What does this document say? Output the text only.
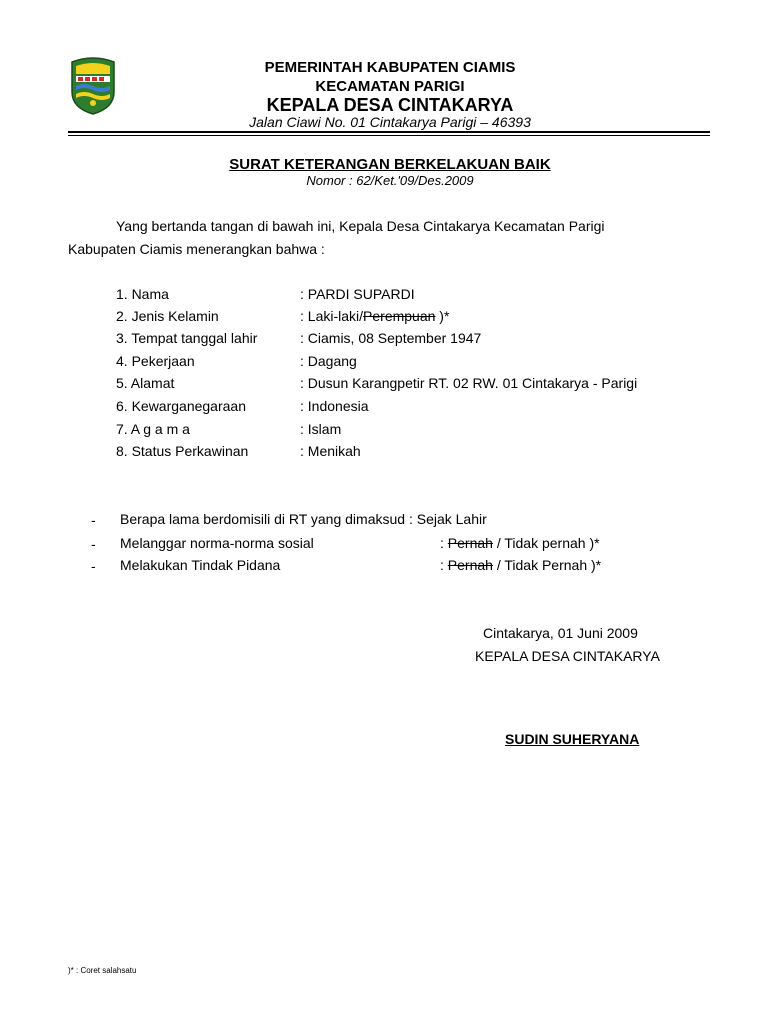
PEMERINTAH KABUPATEN CIAMIS
KECAMATAN PARIGI
KEPALA DESA CINTAKARYA
Jalan Ciawi No. 01 Cintakarya Parigi – 46393
SURAT KETERANGAN BERKELAKUAN BAIK
Nomor : 62/Ket.'09/Des.2009
Yang bertanda tangan di bawah ini, Kepala Desa Cintakarya Kecamatan Parigi
Kabupaten Ciamis menerangkan bahwa :
1. Nama	: PARDI SUPARDI
2. Jenis Kelamin	: Laki-laki/Perempuan )*
3. Tempat tanggal lahir	: Ciamis, 08 September 1947
4. Pekerjaan	: Dagang
5. Alamat	: Dusun Karangpetir RT. 02 RW. 01 Cintakarya - Parigi
6. Kewarganegaraan	: Indonesia
7. A g a m a	: Islam
8. Status Perkawinan	: Menikah
- Berapa lama berdomisili di RT yang dimaksud : Sejak Lahir
- Melanggar norma-norma sosial	: Pernah / Tidak pernah )*
- Melakukan Tindak Pidana	: Pernah / Tidak Pernah )*
Cintakarya, 01 Juni 2009
KEPALA DESA CINTAKARYA
SUDIN SUHERYANA
)* : Coret salahsatu
